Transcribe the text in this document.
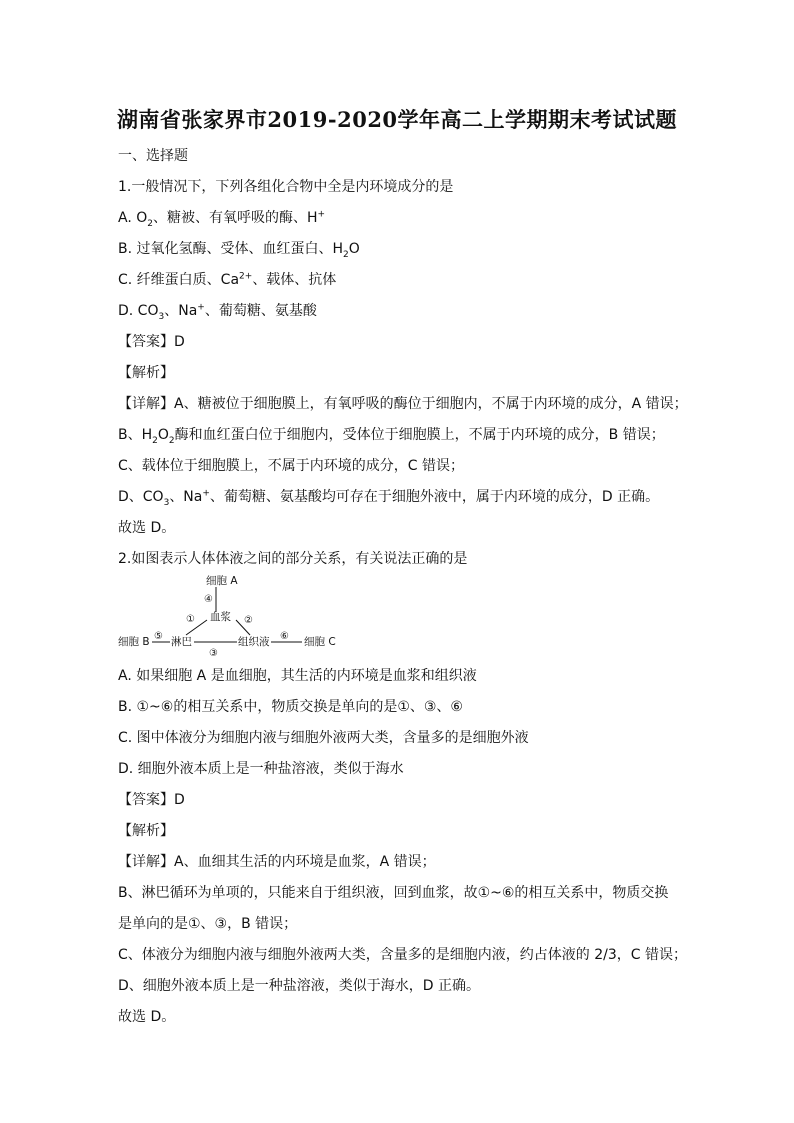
湖南省张家界市2019-2020学年高二上学期期末考试试题
一、选择题
1.一般情况下，下列各组化合物中全是内环境成分的是
A. $O_2$、糖被、有氧呼吸的酶、H+
B. 过氧化氢酶、受体、血红蛋白、$H_2O$
C. 纤维蛋白质、$Ca^{2+}$、载体、抗体
D. $CO_3$、Na+、葡萄糖、氨基酸
【答案】D
【解析】
【详解】A、糖被位于细胞膜上，有氧呼吸的酶位于细胞内，不属于内环境的成分，A 错误；
B、$H_2O_2$酶和血红蛋白位于细胞内，受体位于细胞膜上，不属于内环境的成分，B 错误；
C、载体位于细胞膜上，不属于内环境的成分，C 错误；
D、$CO_3$、Na+、葡萄糖、氨基酸均可存在于细胞外液中，属于内环境的成分，D 正确。
故选 D。
2.如图表示人体体液之间的部分关系，有关说法正确的是
细胞 A
④
血浆
①	②
细胞 B ⑤ 淋巴
③
组织液 ⑥ 细胞 C
A. 如果细胞 A 是血细胞，其生活的内环境是血浆和组织液
B. ①~⑥的相互关系中，物质交换是单向的是①、③、⑥
C. 图中体液分为细胞内液与细胞外液两大类，含量多的是细胞外液
D. 细胞外液本质上是一种盐溶液，类似于海水
【答案】D
【解析】
【详解】A、血细其生活的内环境是血浆，A 错误；
B、淋巴循环为单项的，只能来自于组织液，回到血浆，故①~⑥的相互关系中，物质交换
是单向的是①、③，B 错误；
C、体液分为细胞内液与细胞外液两大类，含量多的是细胞内液，约占体液的 2/3，C 错误；
D、细胞外液本质上是一种盐溶液，类似于海水，D 正确。
故选 D。
